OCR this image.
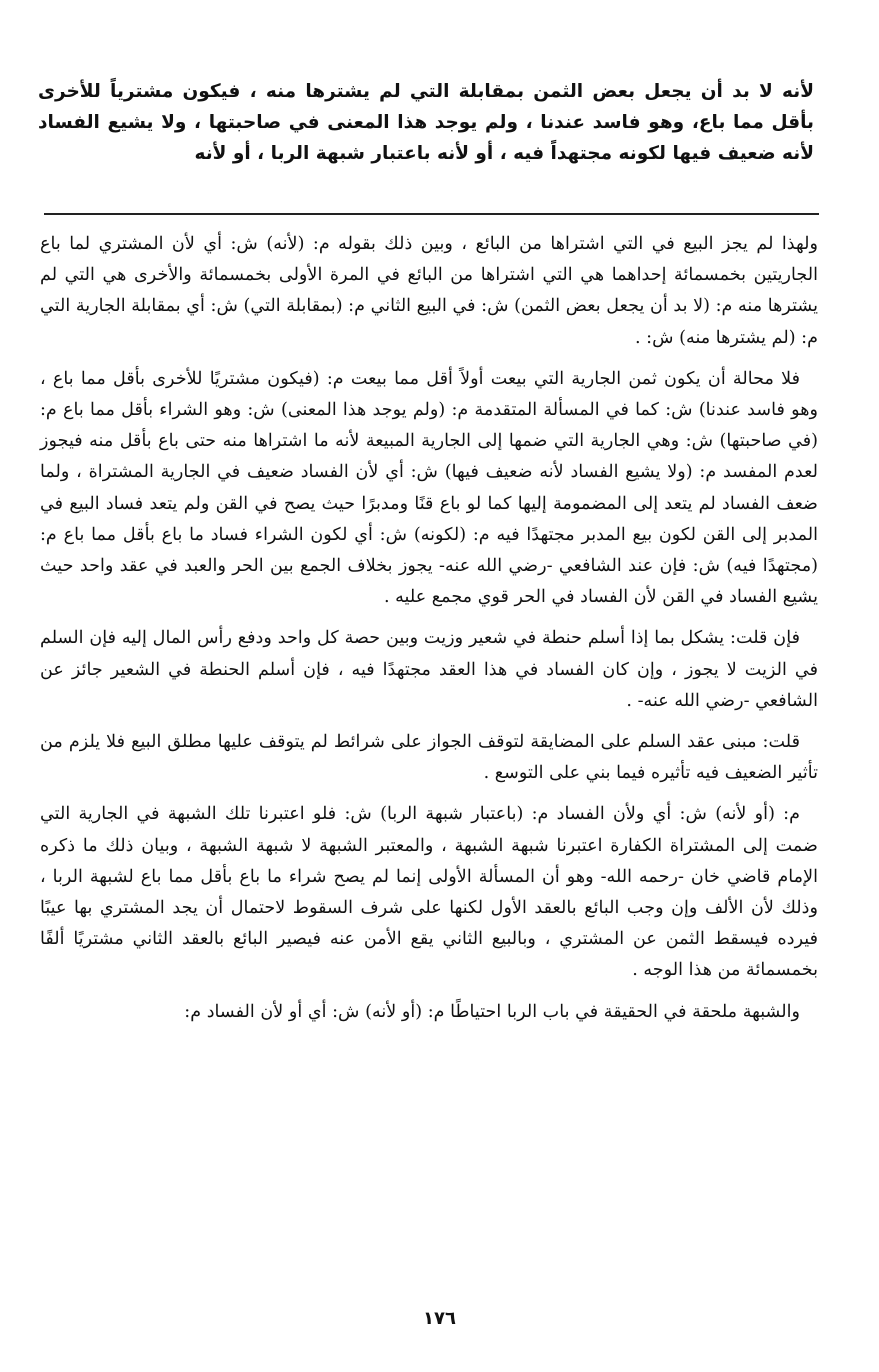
لأنه لا بد أن يجعل بعض الثمن بمقابلة التي لم يشترها منه ، فيكون مشترياً للأخرى بأقل مما باع، وهو فاسد عندنا ، ولم يوجد هذا المعنى في صاحبتها ، ولا يشيع الفساد لأنه ضعيف فيها لكونه مجتهداً فيه ، أو لأنه باعتبار شبهة الربا ، أو لأنه

ولهذا لم يجز البيع في التي اشتراها من البائع ، وبين ذلك بقوله م: (لأنه) ش: أي لأن المشتري لما باع الجاريتين بخمسمائة إحداهما هي التي اشتراها من البائع في المرة الأولى بخمسمائة والأخرى هي التي لم يشترها منه م: (لا بد أن يجعل بعض الثمن) ش: في البيع الثاني م: (بمقابلة التي) ش: أي بمقابلة الجارية التي م: (لم يشترها منه) ش: .

فلا محالة أن يكون ثمن الجارية التي بيعت أولاً أقل مما بيعت م: (فيكون مشتريًا للأخرى بأقل مما باع ، وهو فاسد عندنا) ش: كما في المسألة المتقدمة م: (ولم يوجد هذا المعنى) ش: وهو الشراء بأقل مما باع م: (في صاحبتها) ش: وهي الجارية التي ضمها إلى الجارية المبيعة لأنه ما اشتراها منه حتى باع بأقل منه فيجوز لعدم المفسد م: (ولا يشيع الفساد لأنه ضعيف فيها) ش: أي لأن الفساد ضعيف في الجارية المشتراة ، ولما ضعف الفساد لم يتعد إلى المضمومة إليها كما لو باع قنًا ومدبرًا حيث يصح في القن ولم يتعد فساد البيع في المدبر إلى القن لكون بيع المدبر مجتهدًا فيه م: (لكونه) ش: أي لكون الشراء فساد ما باع بأقل مما باع م: (مجتهدًا فيه) ش: فإن عند الشافعي -رضي الله عنه- يجوز بخلاف الجمع بين الحر والعبد في عقد واحد حيث يشيع الفساد في القن لأن الفساد في الحر قوي مجمع عليه .

فإن قلت: يشكل بما إذا أسلم حنطة في شعير وزيت وبين حصة كل واحد ودفع رأس المال إليه فإن السلم في الزيت لا يجوز ، وإن كان الفساد في هذا العقد مجتهدًا فيه ، فإن أسلم الحنطة في الشعير جائز عن الشافعي -رضي الله عنه- .

قلت: مبنى عقد السلم على المضايقة لتوقف الجواز على شرائط لم يتوقف عليها مطلق البيع فلا يلزم من تأثير الضعيف فيه تأثيره فيما بني على التوسع .

م: (أو لأنه) ش: أي ولأن الفساد م: (باعتبار شبهة الربا) ش: فلو اعتبرنا تلك الشبهة في الجارية التي ضمت إلى المشتراة الكفارة اعتبرنا شبهة الشبهة ، والمعتبر الشبهة لا شبهة الشبهة ، وبيان ذلك ما ذكره الإمام قاضي خان -رحمه الله- وهو أن المسألة الأولى إنما لم يصح شراء ما باع بأقل مما باع لشبهة الربا ، وذلك لأن الألف وإن وجب البائع بالعقد الأول لكنها على شرف السقوط لاحتمال أن يجد المشتري بها عيبًا فيرده فيسقط الثمن عن المشتري ، وبالبيع الثاني يقع الأمن عنه فيصير البائع بالعقد الثاني مشتريًا ألفًا بخمسمائة من هذا الوجه .

والشبهة ملحقة في الحقيقة في باب الربا احتياطًا م: (أو لأنه) ش: أي أو لأن الفساد م:

١٧٦
